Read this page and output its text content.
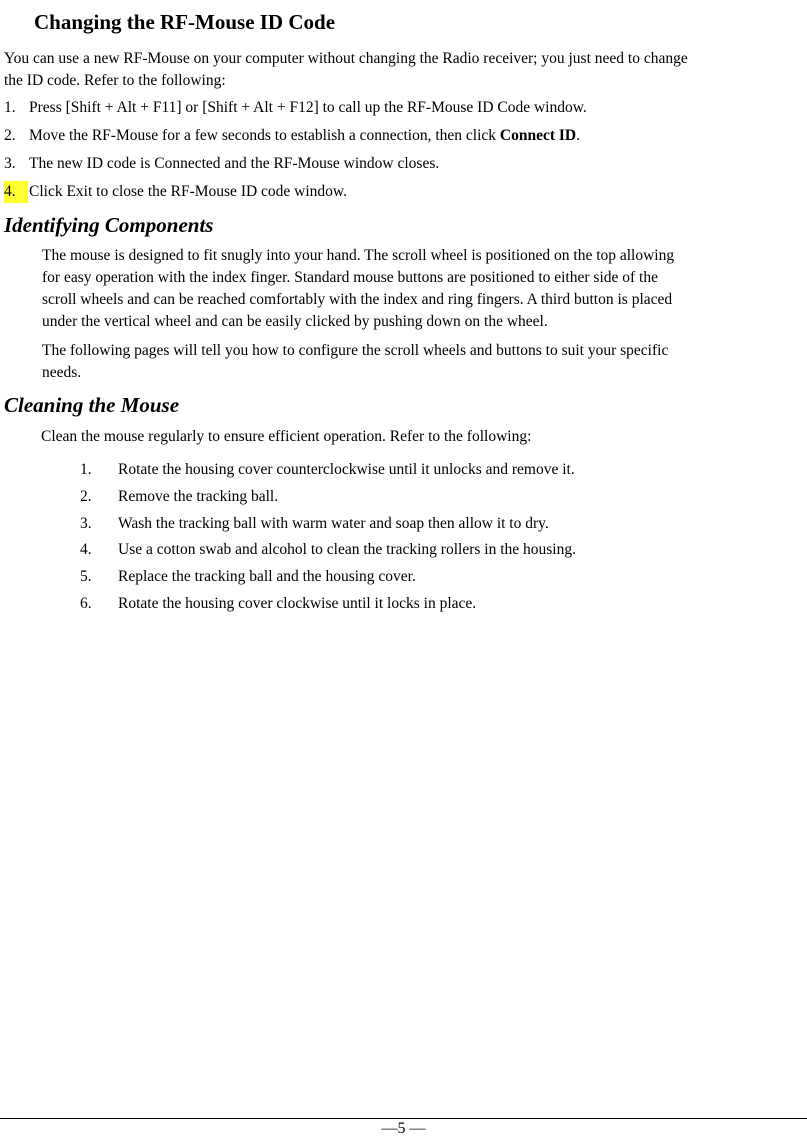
Changing the RF-Mouse ID Code
You can use a new RF-Mouse on your computer without changing the Radio receiver; you just need to change
the ID code. Refer to the following:
1. Press [Shift + Alt + F11] or [Shift + Alt + F12] to call up the RF-Mouse ID Code window.
2. Move the RF-Mouse for a few seconds to establish a connection, then click Connect ID.
3. The new ID code is Connected and the RF-Mouse window closes.
4. Click Exit to close the RF-Mouse ID code window.
Identifying Components
The mouse is designed to fit snugly into your hand. The scroll wheel is positioned on the top allowing
for easy operation with the index finger. Standard mouse buttons are positioned to either side of the
scroll wheels and can be reached comfortably with the index and ring fingers. A third button is placed
under the vertical wheel and can be easily clicked by pushing down on the wheel.
The following pages will tell you how to configure the scroll wheels and buttons to suit your specific
needs.
Cleaning the Mouse
Clean the mouse regularly to ensure efficient operation. Refer to the following:
1. Rotate the housing cover counterclockwise until it unlocks and remove it.
2. Remove the tracking ball.
3. Wash the tracking ball with warm water and soap then allow it to dry.
4. Use a cotton swab and alcohol to clean the tracking rollers in the housing.
5. Replace the tracking ball and the housing cover.
6. Rotate the housing cover clockwise until it locks in place.
—5 —
